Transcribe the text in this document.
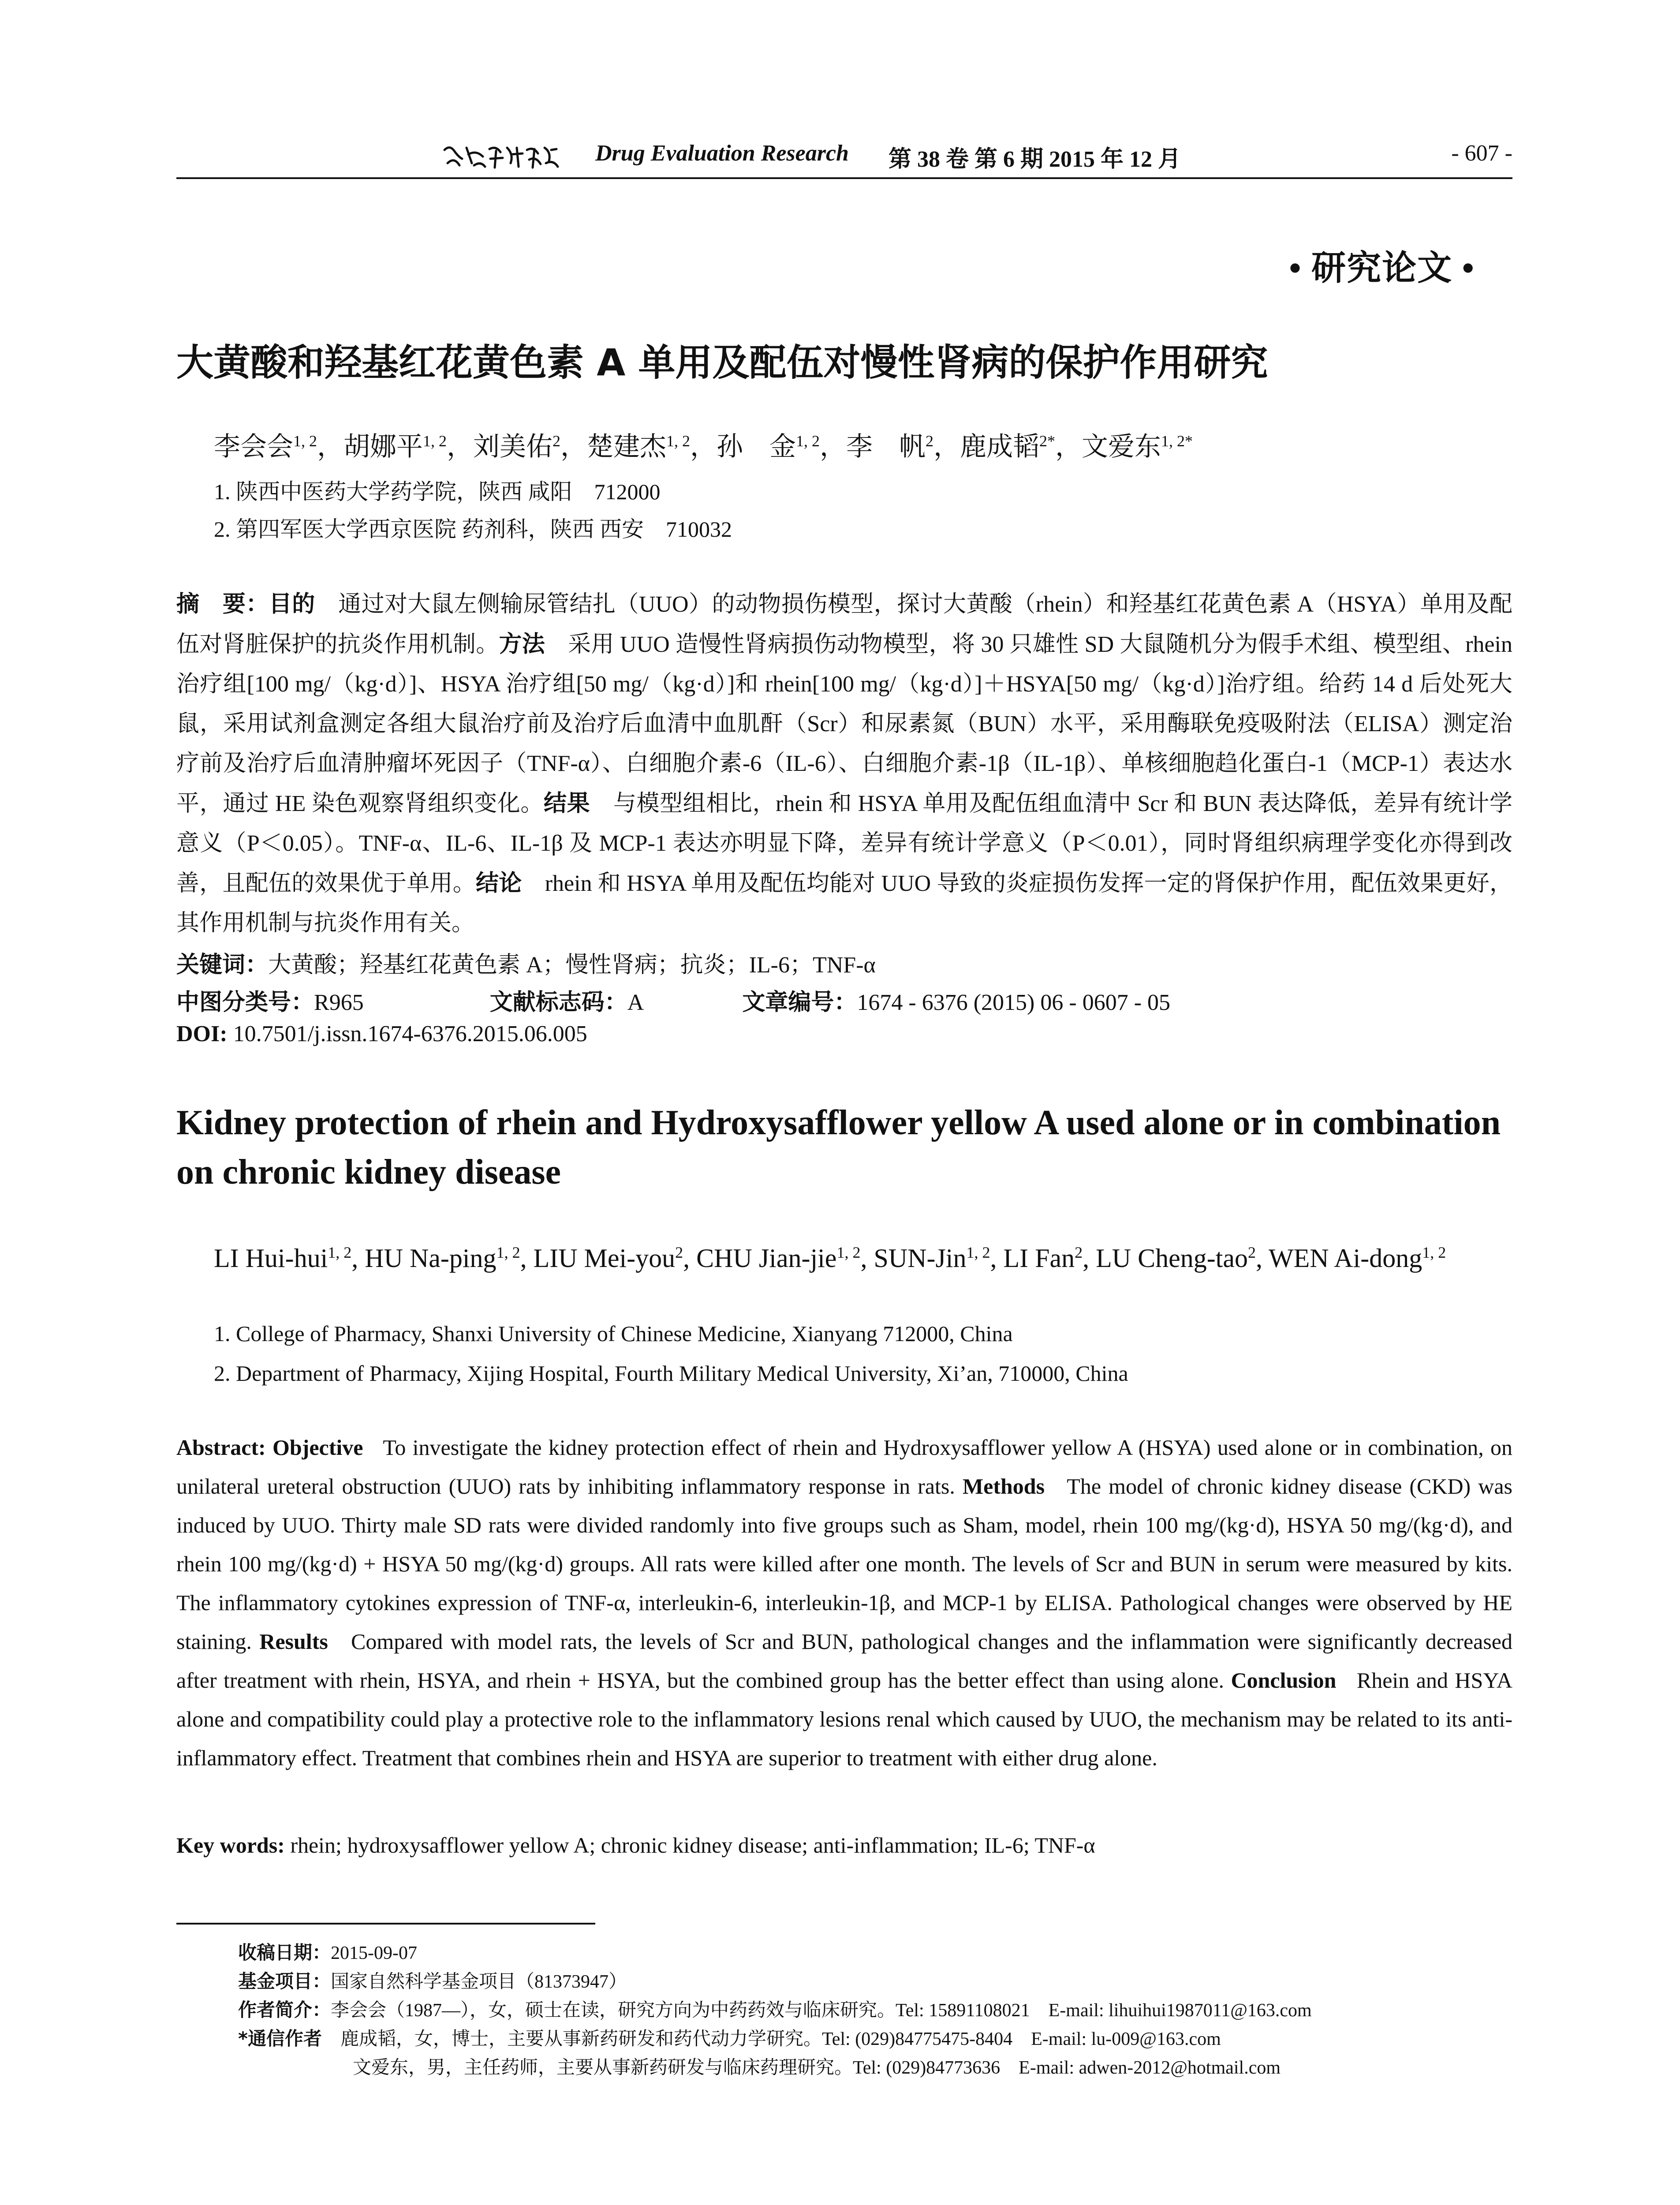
Drug Evaluation Research 第 38 卷 第 6 期 2015 年 12 月	- 607 -
• 研究论文 •
大黄酸和羟基红花黄色素 A 单用及配伍对慢性肾病的保护作用研究
李会会$^{1, 2}$，胡娜平$^{1, 2}$，刘美佑$^2$，楚建杰$^{1, 2}$，孙　金$^{1, 2}$，李　帆$^2$，鹿成韬$^{2*}$，文爱东$^{1, 2*}$
1. 陕西中医药大学药学院，陕西 咸阳　712000
2. 第四军医大学西京医院 药剂科，陕西 西安　710032
摘　要：目的　 通过对大鼠左侧输尿管结扎（UUO）的动物损伤模型，探讨大黄酸（rhein）和羟基红花黄色素 A（HSYA）单用及配伍对肾脏保护的抗炎作用机制。方法　 采用 UUO 造慢性肾病损伤动物模型，将 30 只雄性 SD 大鼠随机分为假手术组、模型组、rhein 治疗组[100 mg/（kg·d）]、HSYA 治疗组[50 mg/（kg·d）]和 rhein[100 mg/（kg·d）]＋HSYA[50 mg/（kg·d）]治疗组。给药 14 d 后处死大鼠，采用试剂盒测定各组大鼠治疗前及治疗后血清中血肌酐（Scr）和尿素氮（BUN）水平，采用酶联免疫吸附法（ELISA）测定治疗前及治疗后血清肿瘤坏死因子（TNF-α）、白细胞介素-6（IL-6）、白细胞介素-1β（IL-1β）、单核细胞趋化蛋白-1（MCP-1）表达水平，通过 HE 染色观察肾组织变化。结果　 与模型组相比，rhein 和 HSYA 单用及配伍组血清中 Scr 和 BUN 表达降低，差异有统计学意义（P＜0.05）。TNF-α、IL-6、IL-1β 及 MCP-1 表达亦明显下降，差异有统计学意义（P＜0.01），同时肾组织病理学变化亦得到改善，且配伍的效果优于单用。结论　 rhein 和 HSYA 单用及配伍均能对 UUO 导致的炎症损伤发挥一定的肾保护作用，配伍效果更好，其作用机制与抗炎作用有关。
关键词：大黄酸；羟基红花黄色素 A；慢性肾病；抗炎；IL-6；TNF-α
中图分类号：R965	文献标志码：A	文章编号：1674 - 6376 (2015) 06 - 0607 - 05
DOI: 10.7501/j.issn.1674-6376.2015.06.005
Kidney protection of rhein and Hydroxysafflower yellow A used alone or in combination on chronic kidney disease
LI Hui-hui$^{1, 2}$, HU Na-ping$^{1, 2}$, LIU Mei-you$^2$, CHU Jian-jie$^{1, 2}$, SUN-Jin$^{1, 2}$, LI Fan$^2$, LU Cheng-tao$^2$, WEN Ai-dong$^{1, 2}$
1. College of Pharmacy, Shanxi University of Chinese Medicine, Xianyang 712000, China
2. Department of Pharmacy, Xijing Hospital, Fourth Military Medical University, Xi’an, 710000, China
Abstract: Objective To investigate the kidney protection effect of rhein and Hydroxysafflower yellow A (HSYA) used alone or in combination, on unilateral ureteral obstruction (UUO) rats by inhibiting inflammatory response in rats. Methods The model of chronic kidney disease (CKD) was induced by UUO. Thirty male SD rats were divided randomly into five groups such as Sham, model, rhein 100 mg/(kg·d), HSYA 50 mg/(kg·d), and rhein 100 mg/(kg·d) + HSYA 50 mg/(kg·d) groups. All rats were killed after one month. The levels of Scr and BUN in serum were measured by kits. The inflammatory cytokines expression of TNF-α, interleukin-6, interleukin-1β, and MCP-1 by ELISA. Pathological changes were observed by HE staining. Results Compared with model rats, the levels of Scr and BUN, pathological changes and the inflammation were significantly decreased after treatment with rhein, HSYA, and rhein + HSYA, but the combined group has the better effect than using alone. Conclusion Rhein and HSYA alone and compatibility could play a protective role to the inflammatory lesions renal which caused by UUO, the mechanism may be related to its anti-inflammatory effect. Treatment that combines rhein and HSYA are superior to treatment with either drug alone.
Key words: rhein; hydroxysafflower yellow A; chronic kidney disease; anti-inflammation; IL-6; TNF-α
收稿日期：2015-09-07
基金项目：国家自然科学基金项目（81373947）
作者简介：李会会（1987—），女，硕士在读，研究方向为中药药效与临床研究。Tel: 15891108021　E-mail: lihuihui1987011@163.com
*通信作者　 鹿成韬，女，博士，主要从事新药研发和药代动力学研究。Tel: (029)84775475-8404　E-mail: lu-009@163.com
文爱东，男，主任药师，主要从事新药研发与临床药理研究。Tel: (029)84773636　E-mail: adwen-2012@hotmail.com
